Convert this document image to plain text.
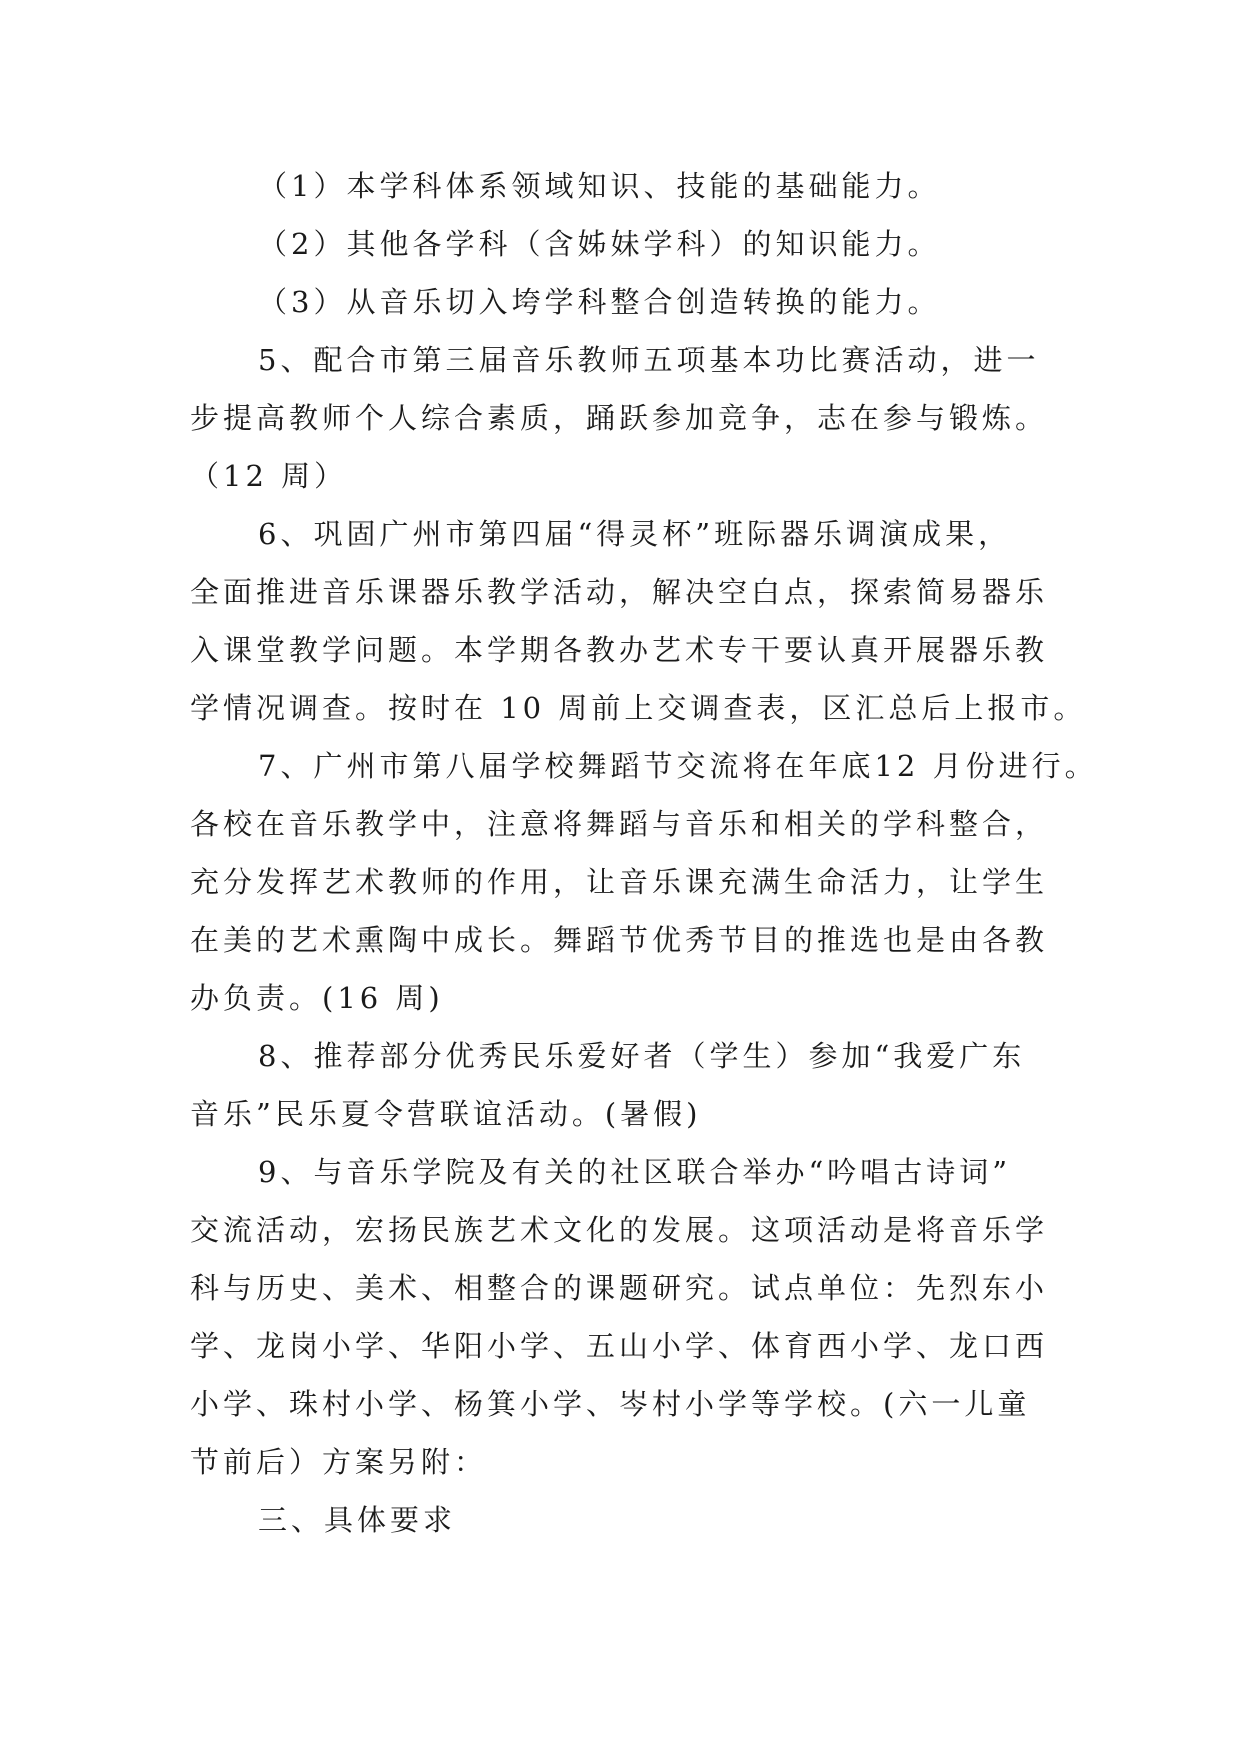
（1）本学科体系领域知识、技能的基础能力。
（2）其他各学科（含姊妹学科）的知识能力。
（3）从音乐切入垮学科整合创造转换的能力。
5、配合市第三届音乐教师五项基本功比赛活动，进一
步提高教师个人综合素质，踊跃参加竞争，志在参与锻炼。
（12 周）
6、巩固广州市第四届“得灵杯”班际器乐调演成果，
全面推进音乐课器乐教学活动，解决空白点，探索简易器乐
入课堂教学问题。本学期各教办艺术专干要认真开展器乐教
学情况调查。按时在 10 周前上交调查表，区汇总后上报市。
7、广州市第八届学校舞蹈节交流将在年底12 月份进行。
各校在音乐教学中，注意将舞蹈与音乐和相关的学科整合，
充分发挥艺术教师的作用，让音乐课充满生命活力，让学生
在美的艺术熏陶中成长。舞蹈节优秀节目的推选也是由各教
办负责。(16 周)
8、推荐部分优秀民乐爱好者（学生）参加“我爱广东
音乐”民乐夏令营联谊活动。(暑假)
9、与音乐学院及有关的社区联合举办“吟唱古诗词”
交流活动，宏扬民族艺术文化的发展。这项活动是将音乐学
科与历史、美术、相整合的课题研究。试点单位：先烈东小
学、龙岗小学、华阳小学、五山小学、体育西小学、龙口西
小学、珠村小学、杨箕小学、岑村小学等学校。(六一儿童
节前后）方案另附：
三、具体要求
